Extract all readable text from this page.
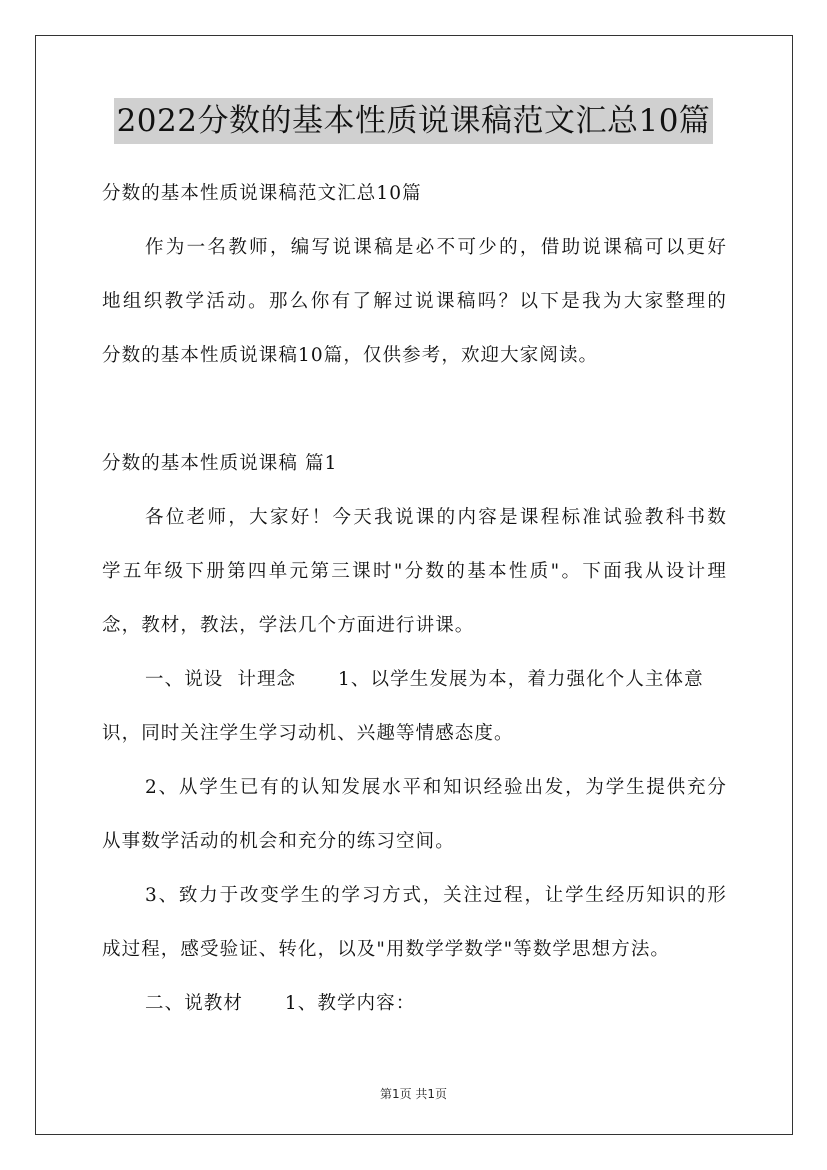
2022分数的基本性质说课稿范文汇总10篇
分数的基本性质说课稿范文汇总10篇
作为一名教师，编写说课稿是必不可少的，借助说课稿可以更好
地组织教学活动。那么你有了解过说课稿吗？以下是我为大家整理的
分数的基本性质说课稿10篇，仅供参考，欢迎大家阅读。
分数的基本性质说课稿 篇1
各位老师，大家好！今天我说课的内容是课程标准试验教科书数
学五年级下册第四单元第三课时"分数的基本性质"。下面我从设计理
念，教材，教法，学法几个方面进行讲课。
一、说设  计理念      1、以学生发展为本，着力强化个人主体意
识，同时关注学生学习动机、兴趣等情感态度。
2、从学生已有的认知发展水平和知识经验出发，为学生提供充分
从事数学活动的机会和充分的练习空间。
3、致力于改变学生的学习方式，关注过程，让学生经历知识的形
成过程，感受验证、转化，以及"用数学学数学"等数学思想方法。
二、说教材      1、教学内容：
第1页 共1页
